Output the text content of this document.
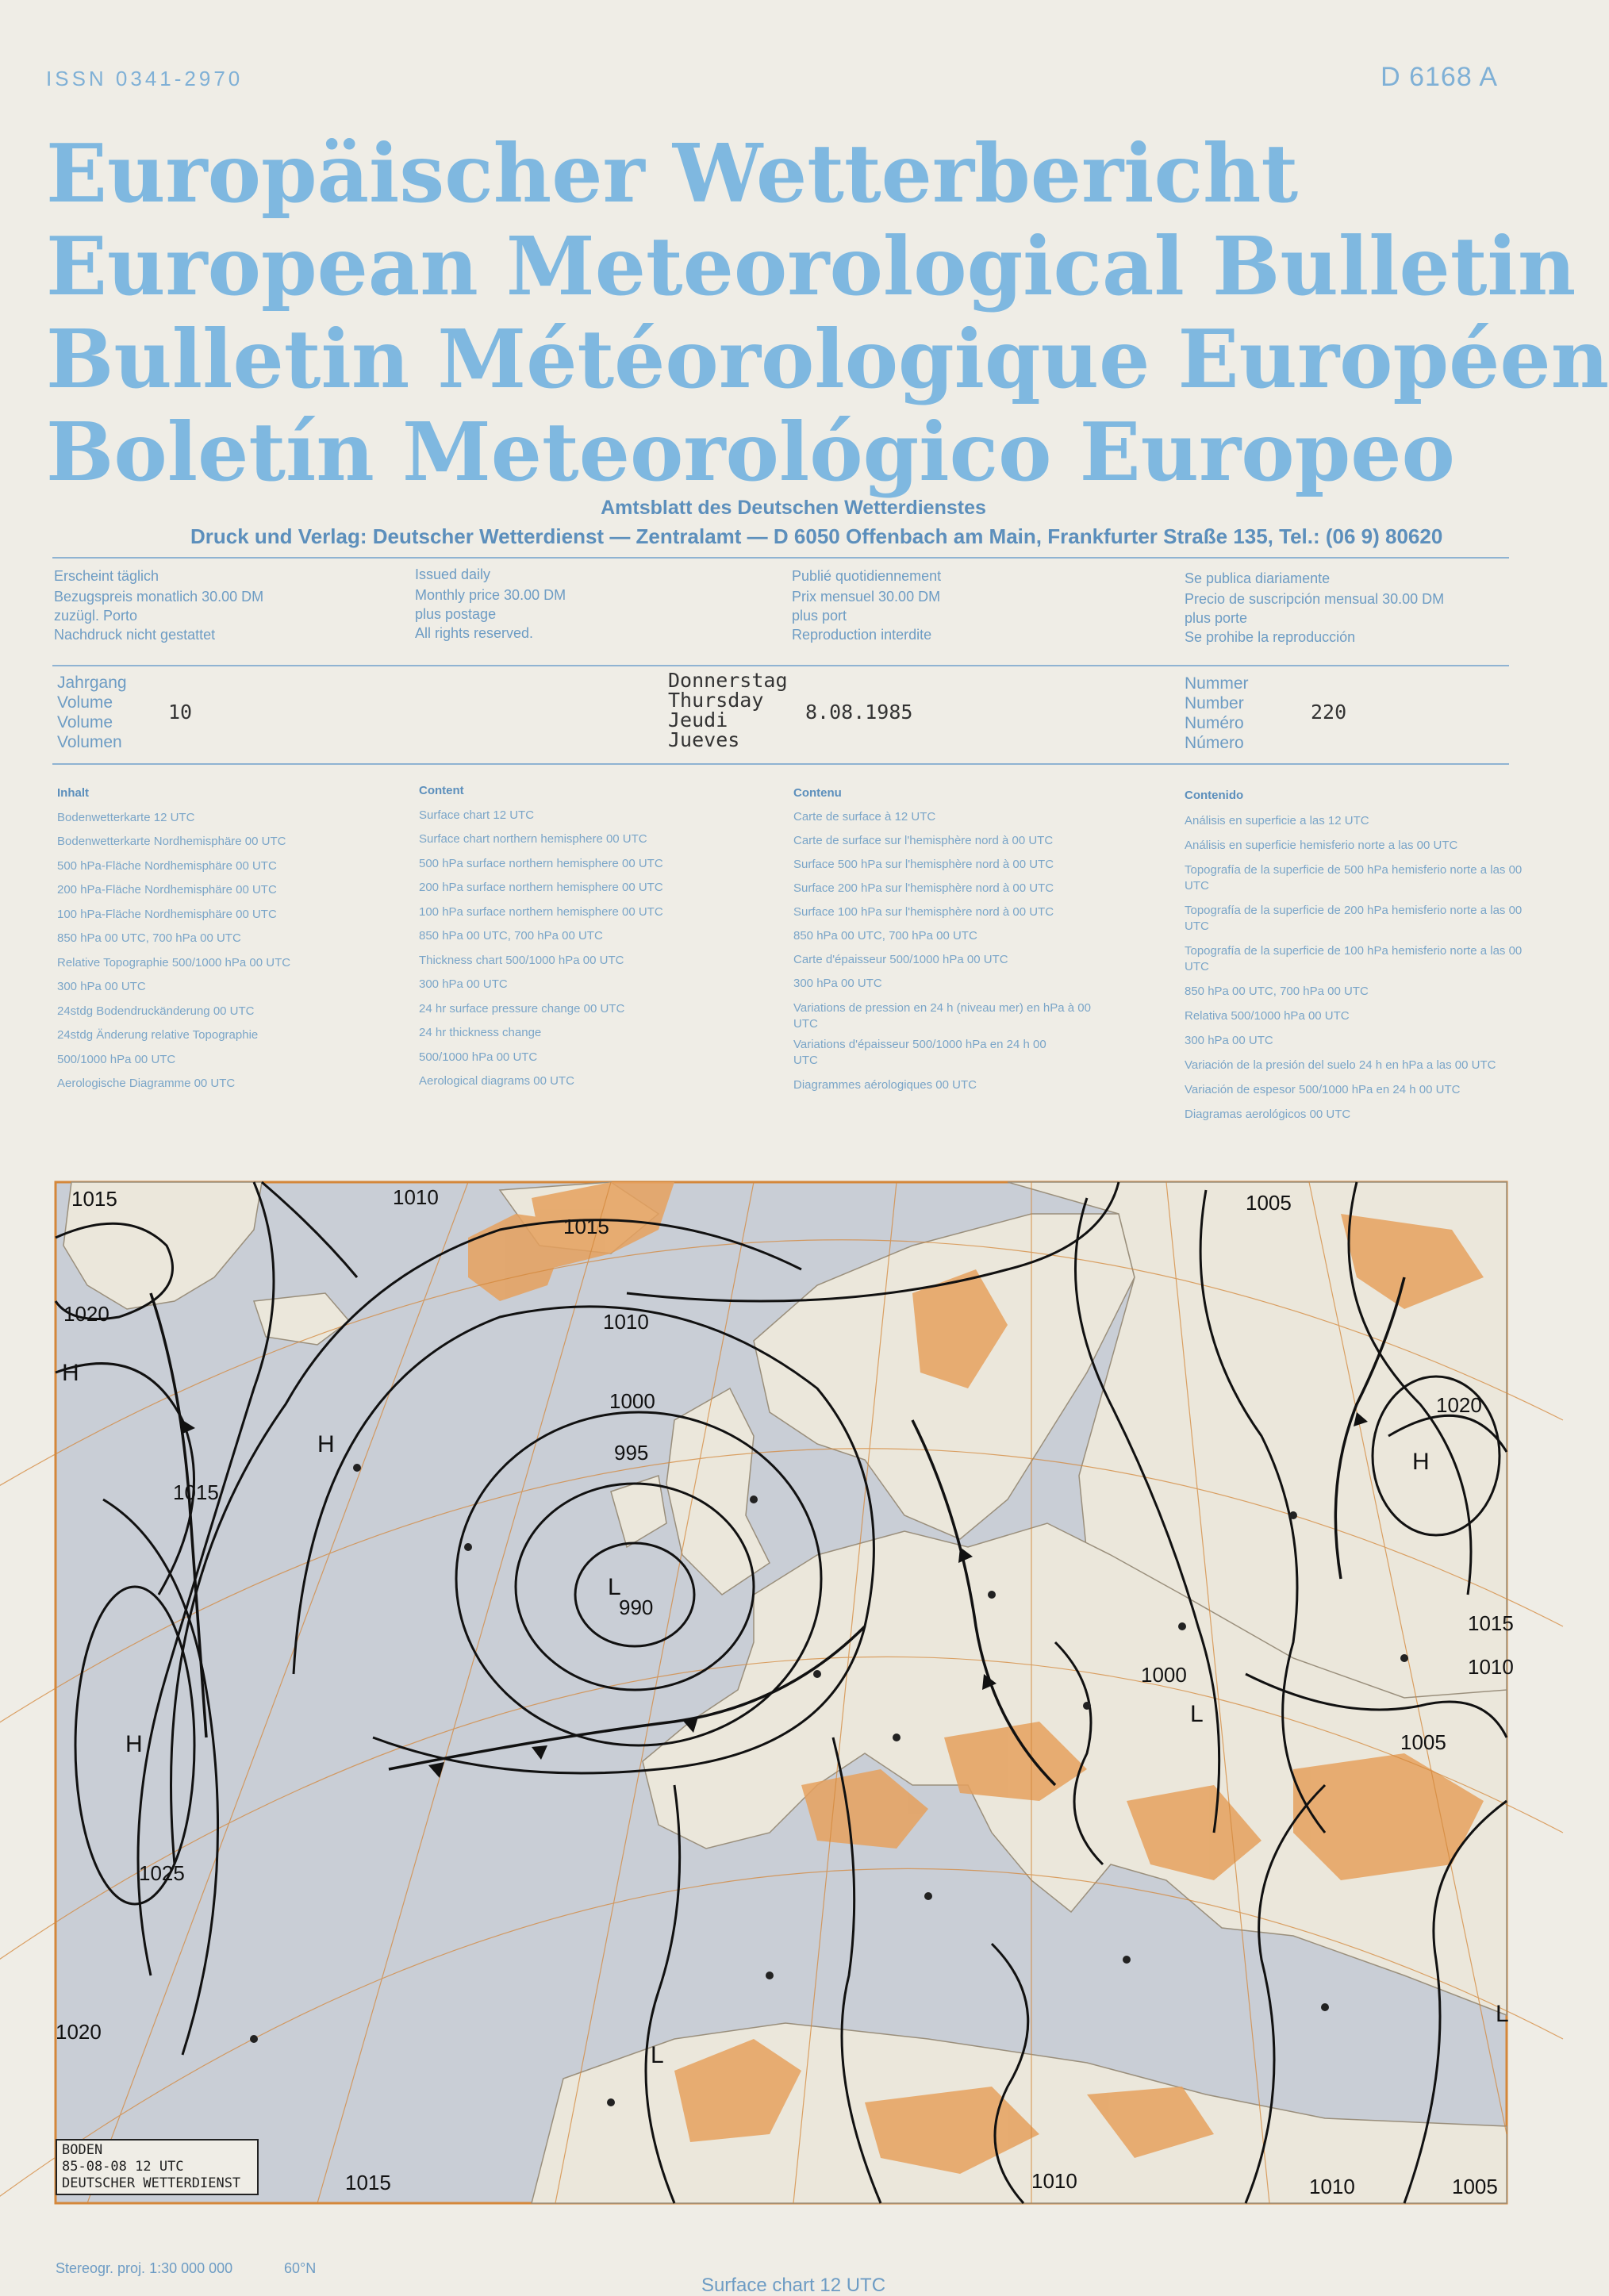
ISSN 0341-2970	D 6168 A
Europäischer Wetterbericht
European Meteorological Bulletin
Bulletin Météorologique Européen
Boletín Meteorológico Europeo
Amtsblatt des Deutschen Wetterdienstes
Druck und Verlag: Deutscher Wetterdienst — Zentralamt — D 6050 Offenbach am Main, Frankfurter Straße 135, Tel.: (06 9) 80620
Erscheint täglich
Bezugspreis monatlich 30.00 DM
zuzügl. Porto
Nachdruck nicht gestattet
Issued daily
Monthly price 30.00 DM
plus postage
All rights reserved.
Publié quotidiennement
Prix mensuel 30.00 DM
plus port
Reproduction interdite
Se publica diariamente
Precio de suscripción mensual 30.00 DM
plus porte
Se prohibe la reproducción
Jahrgang
Volume
Volume
Volumen
10
Donnerstag
Thursday
Jeudi
Jueves
8.08.1985
Nummer
Number
Numéro
Número
220
Inhalt
Bodenwetterkarte 12 UTC
Bodenwetterkarte Nordhemisphäre 00 UTC
500 hPa-Fläche Nordhemisphäre 00 UTC
200 hPa-Fläche Nordhemisphäre 00 UTC
100 hPa-Fläche Nordhemisphäre 00 UTC
850 hPa 00 UTC, 700 hPa 00 UTC
Relative Topographie 500/1000 hPa 00 UTC
300 hPa 00 UTC
24stdg Bodendruckänderung 00 UTC
24stdg Änderung relative Topographie
500/1000 hPa 00 UTC
Aerologische Diagramme 00 UTC
Content
Surface chart 12 UTC
Surface chart northern hemisphere 00 UTC
500 hPa surface northern hemisphere 00 UTC
200 hPa surface northern hemisphere 00 UTC
100 hPa surface northern hemisphere 00 UTC
850 hPa 00 UTC, 700 hPa 00 UTC
Thickness chart 500/1000 hPa 00 UTC
300 hPa 00 UTC
24 hr surface pressure change 00 UTC
24 hr thickness change
500/1000 hPa 00 UTC
Aerological diagrams 00 UTC
Contenu
Carte de surface à 12 UTC
Carte de surface sur l'hemisphère nord à 00 UTC
Surface 500 hPa sur l'hemisphère nord à 00 UTC
Surface 200 hPa sur l'hemisphère nord à 00 UTC
Surface 100 hPa sur l'hemisphère nord à 00 UTC
850 hPa 00 UTC, 700 hPa 00 UTC
Carte d'épaisseur 500/1000 hPa 00 UTC
300 hPa 00 UTC
Variations de pression en 24 h (niveau mer) en hPa à 00 UTC
Variations d'épaisseur 500/1000 hPa en 24 h 00 UTC
Diagrammes aérologiques 00 UTC
Contenido
Análisis en superficie a las 12 UTC
Análisis en superficie hemisferio norte a las 00 UTC
Topografía de la superficie de 500 hPa hemisferio norte a las 00 UTC
Topografía de la superficie de 200 hPa hemisferio norte a las 00 UTC
Topografía de la superficie de 100 hPa hemisferio norte a las 00 UTC
850 hPa 00 UTC, 700 hPa 00 UTC
Relativa 500/1000 hPa 00 UTC
300 hPa 00 UTC
Variación de la presión del suelo 24 h en hPa a las 00 UTC
Variación de espesor 500/1000 hPa en 24 h 00 UTC
Diagramas aerológicos 00 UTC
1015	1010
1015
1005
1020	1010
1000
995
990
1015
1020
1015
1010
1025
1020
1000
1005
1015	1010	1010	1005
H
H
H
L
H
L
L
L
BODEN
85-08-08 12 UTC
DEUTSCHER WETTERDIENST
Stereogr. proj. 1:30 000 000	60°N
Surface chart 12 UTC
